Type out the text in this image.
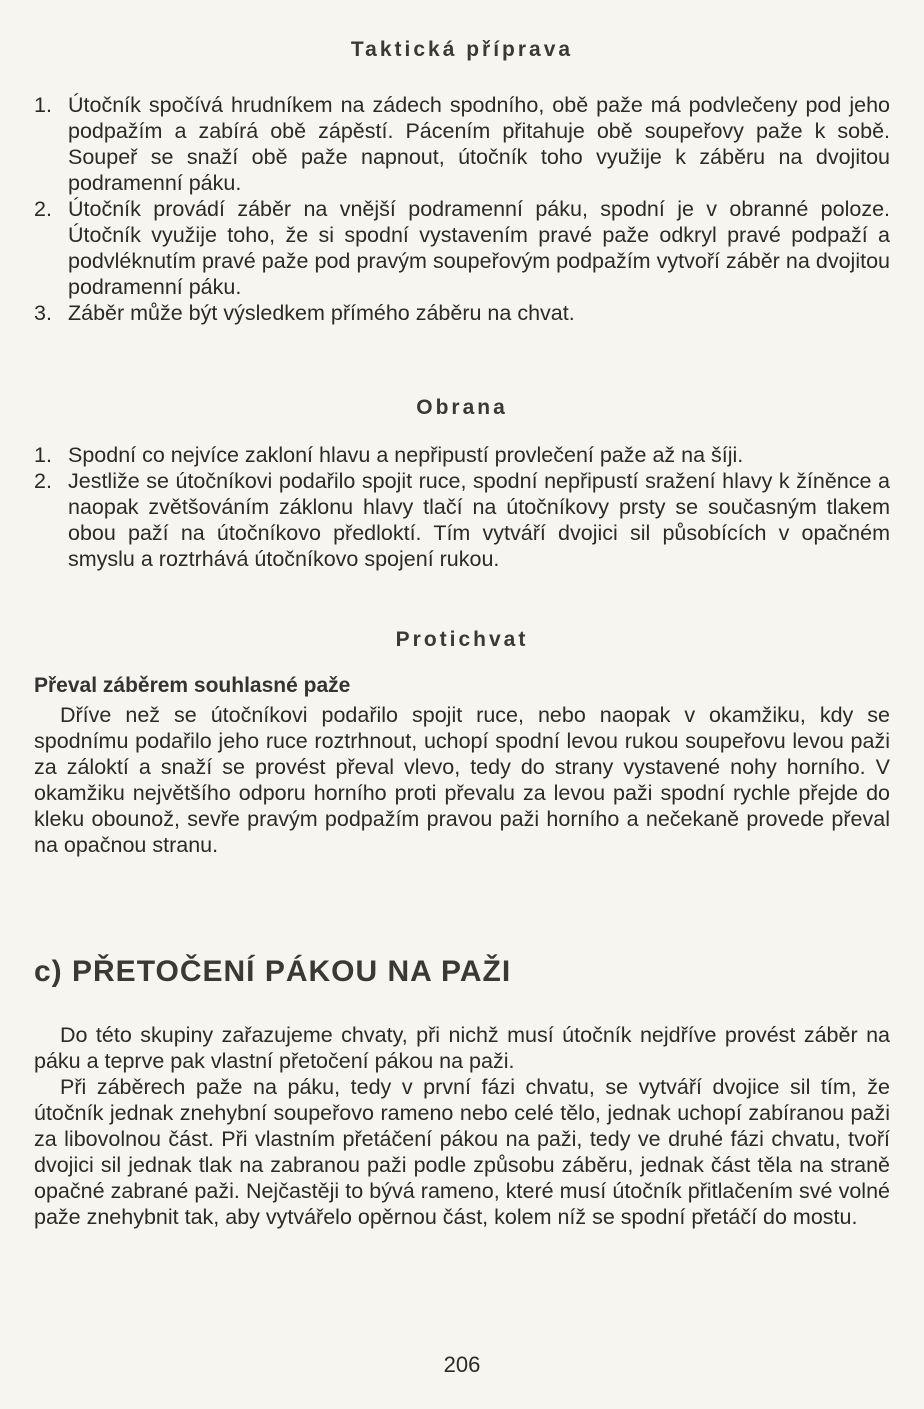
Taktická příprava
1. Útočník spočívá hrudníkem na zádech spodního, obě paže má podvlečeny pod jeho podpažím a zabírá obě zápěstí. Pácením přitahuje obě soupeřovy paže k sobě. Soupeř se snaží obě paže napnout, útočník toho využije k záběru na dvojitou podramenní páku.
2. Útočník provádí záběr na vnější podramenní páku, spodní je v obranné poloze. Útočník využije toho, že si spodní vystavením pravé paže odkryl pravé podpaží a podvléknutím pravé paže pod pravým soupeřovým podpažím vytvoří záběr na dvojitou podramenní páku.
3. Záběr může být výsledkem přímého záběru na chvat.
Obrana
1. Spodní co nejvíce zakloní hlavu a nepřipustí provlečení paže až na šíji.
2. Jestliže se útočníkovi podařilo spojit ruce, spodní nepřipustí sražení hlavy k žíněnce a naopak zvětšováním záklonu hlavy tlačí na útočníkovy prsty se současným tlakem obou paží na útočníkovo předloktí. Tím vytváří dvojici sil působících v opačném smyslu a roztrhává útočníkovo spojení rukou.
Protichvat
Převal záběrem souhlasné paže

Dříve než se útočníkovi podařilo spojit ruce, nebo naopak v okamžiku, kdy se spodnímu podařilo jeho ruce roztrhnout, uchopí spodní levou rukou soupeřovu levou paži za záloktí a snaží se provést převal vlevo, tedy do strany vystavené nohy horního. V okamžiku největšího odporu horního proti převalu za levou paži spodní rychle přejde do kleku obounož, sevře pravým podpažím pravou paži horního a nečekaně provede převal na opačnou stranu.

c) PŘETOČENÍ PÁKOU NA PAŽI

Do této skupiny zařazujeme chvaty, při nichž musí útočník nejdříve provést záběr na páku a teprve pak vlastní přetočení pákou na paži.

Při záběrech paže na páku, tedy v první fázi chvatu, se vytváří dvojice sil tím, že útočník jednak znehybní soupeřovo rameno nebo celé tělo, jednak uchopí zabíranou paži za libovolnou část. Při vlastním přetáčení pákou na paži, tedy ve druhé fázi chvatu, tvoří dvojici sil jednak tlak na zabranou paži podle způsobu záběru, jednak část těla na straně opačné zabrané paži. Nejčastěji to bývá rameno, které musí útočník přitlačením své volné paže znehybnit tak, aby vytvářelo opěrnou část, kolem níž se spodní přetáčí do mostu.

206
